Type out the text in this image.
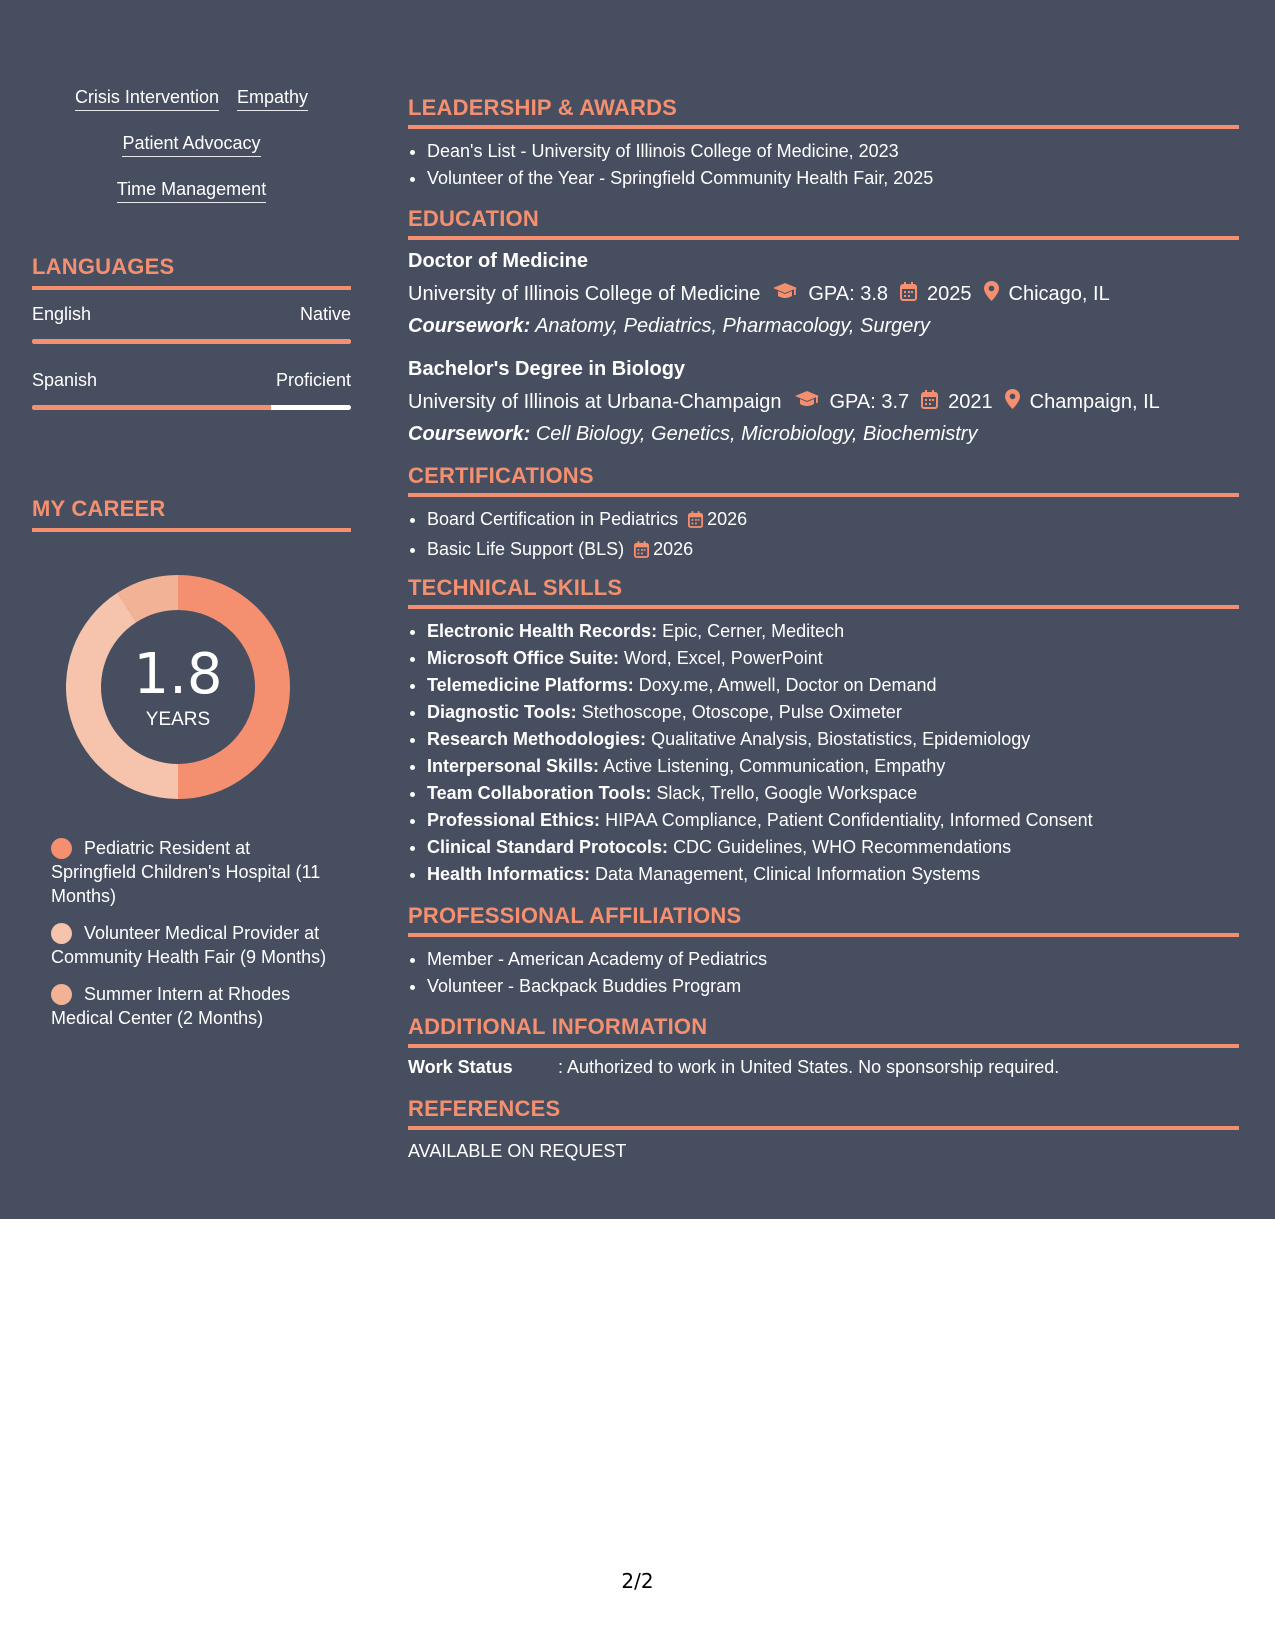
Crisis Intervention Empathy
Patient Advocacy
Time Management
LANGUAGES
English	Native
Spanish	Proficient
MY CAREER
1.8
YEARS
Pediatric Resident at Springfield Children's Hospital (11 Months)
Volunteer Medical Provider at Community Health Fair (9 Months)
Summer Intern at Rhodes Medical Center (2 Months)
LEADERSHIP & AWARDS
• Dean's List - University of Illinois College of Medicine, 2023
• Volunteer of the Year - Springfield Community Health Fair, 2025
EDUCATION
Doctor of Medicine
University of Illinois College of Medicine GPA: 3.8 2025 Chicago, IL
Coursework: Anatomy, Pediatrics, Pharmacology, Surgery
Bachelor's Degree in Biology
University of Illinois at Urbana-Champaign GPA: 3.7 2021 Champaign, IL
Coursework: Cell Biology, Genetics, Microbiology, Biochemistry
CERTIFICATIONS
• Board Certification in Pediatrics 2026
• Basic Life Support (BLS) 2026
TECHNICAL SKILLS
• Electronic Health Records: Epic, Cerner, Meditech
• Microsoft Office Suite: Word, Excel, PowerPoint
• Telemedicine Platforms: Doxy.me, Amwell, Doctor on Demand
• Diagnostic Tools: Stethoscope, Otoscope, Pulse Oximeter
• Research Methodologies: Qualitative Analysis, Biostatistics, Epidemiology
• Interpersonal Skills: Active Listening, Communication, Empathy
• Team Collaboration Tools: Slack, Trello, Google Workspace
• Professional Ethics: HIPAA Compliance, Patient Confidentiality, Informed Consent
• Clinical Standard Protocols: CDC Guidelines, WHO Recommendations
• Health Informatics: Data Management, Clinical Information Systems
PROFESSIONAL AFFILIATIONS
• Member - American Academy of Pediatrics
• Volunteer - Backpack Buddies Program
ADDITIONAL INFORMATION
Work Status	: Authorized to work in United States. No sponsorship required.
REFERENCES
AVAILABLE ON REQUEST
2/2
